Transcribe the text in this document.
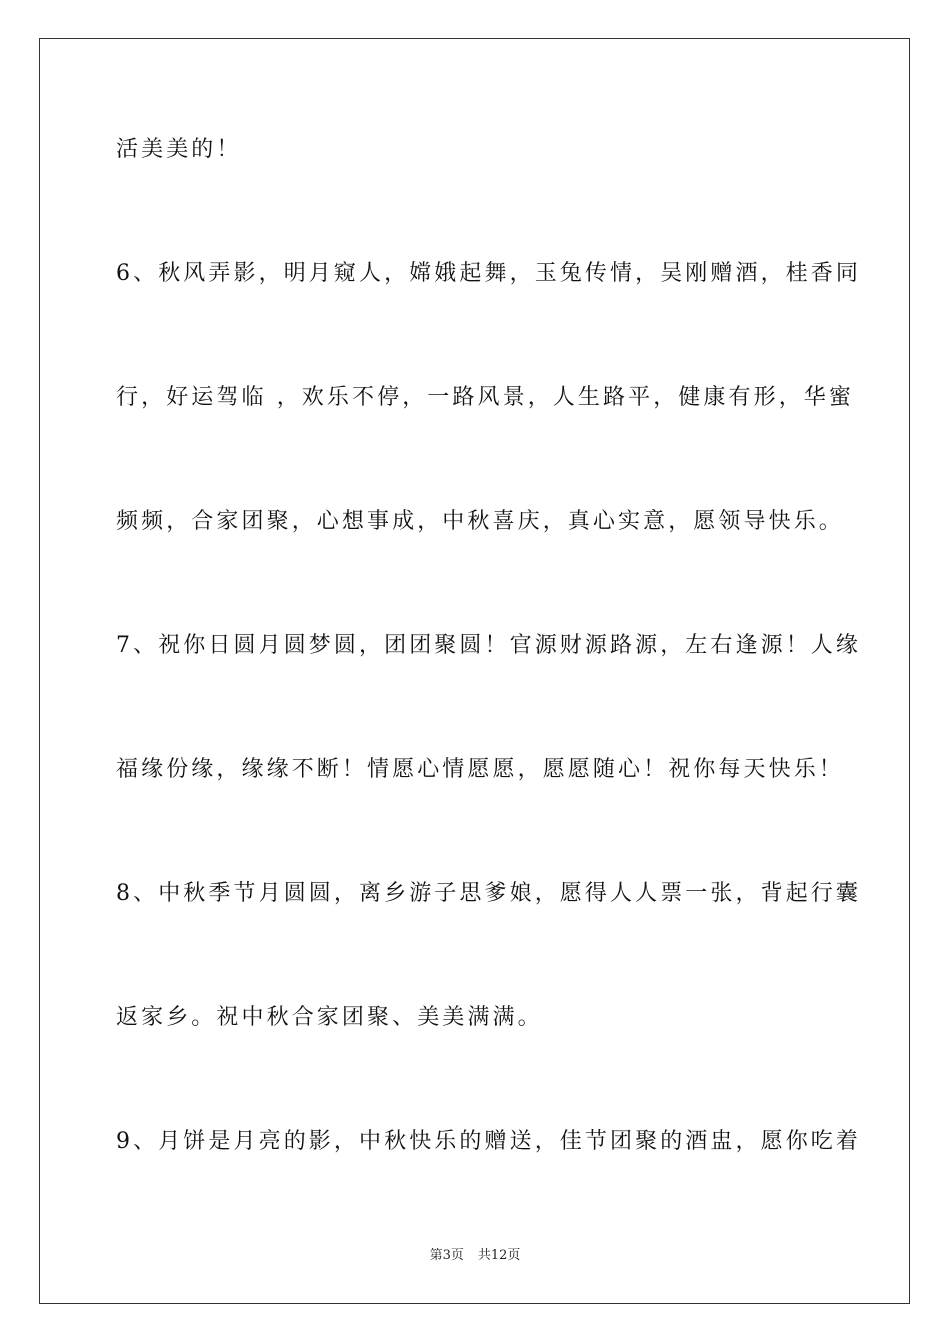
活美美的！
6、秋风弄影，明月窥人，嫦娥起舞，玉兔传情，吴刚赠酒，桂香同
行，好运驾临 ，欢乐不停，一路风景，人生路平，健康有形，华蜜
频频，合家团聚，心想事成，中秋喜庆，真心实意，愿领导快乐。
7、祝你日圆月圆梦圆，团团聚圆！官源财源路源，左右逢源！人缘
福缘份缘，缘缘不断！情愿心情愿愿，愿愿随心！祝你每天快乐！
8、中秋季节月圆圆，离乡游子思爹娘，愿得人人票一张，背起行囊
返家乡。祝中秋合家团聚、美美满满。
9、月饼是月亮的影，中秋快乐的赠送，佳节团聚的酒盅，愿你吃着
第3页 共12页
